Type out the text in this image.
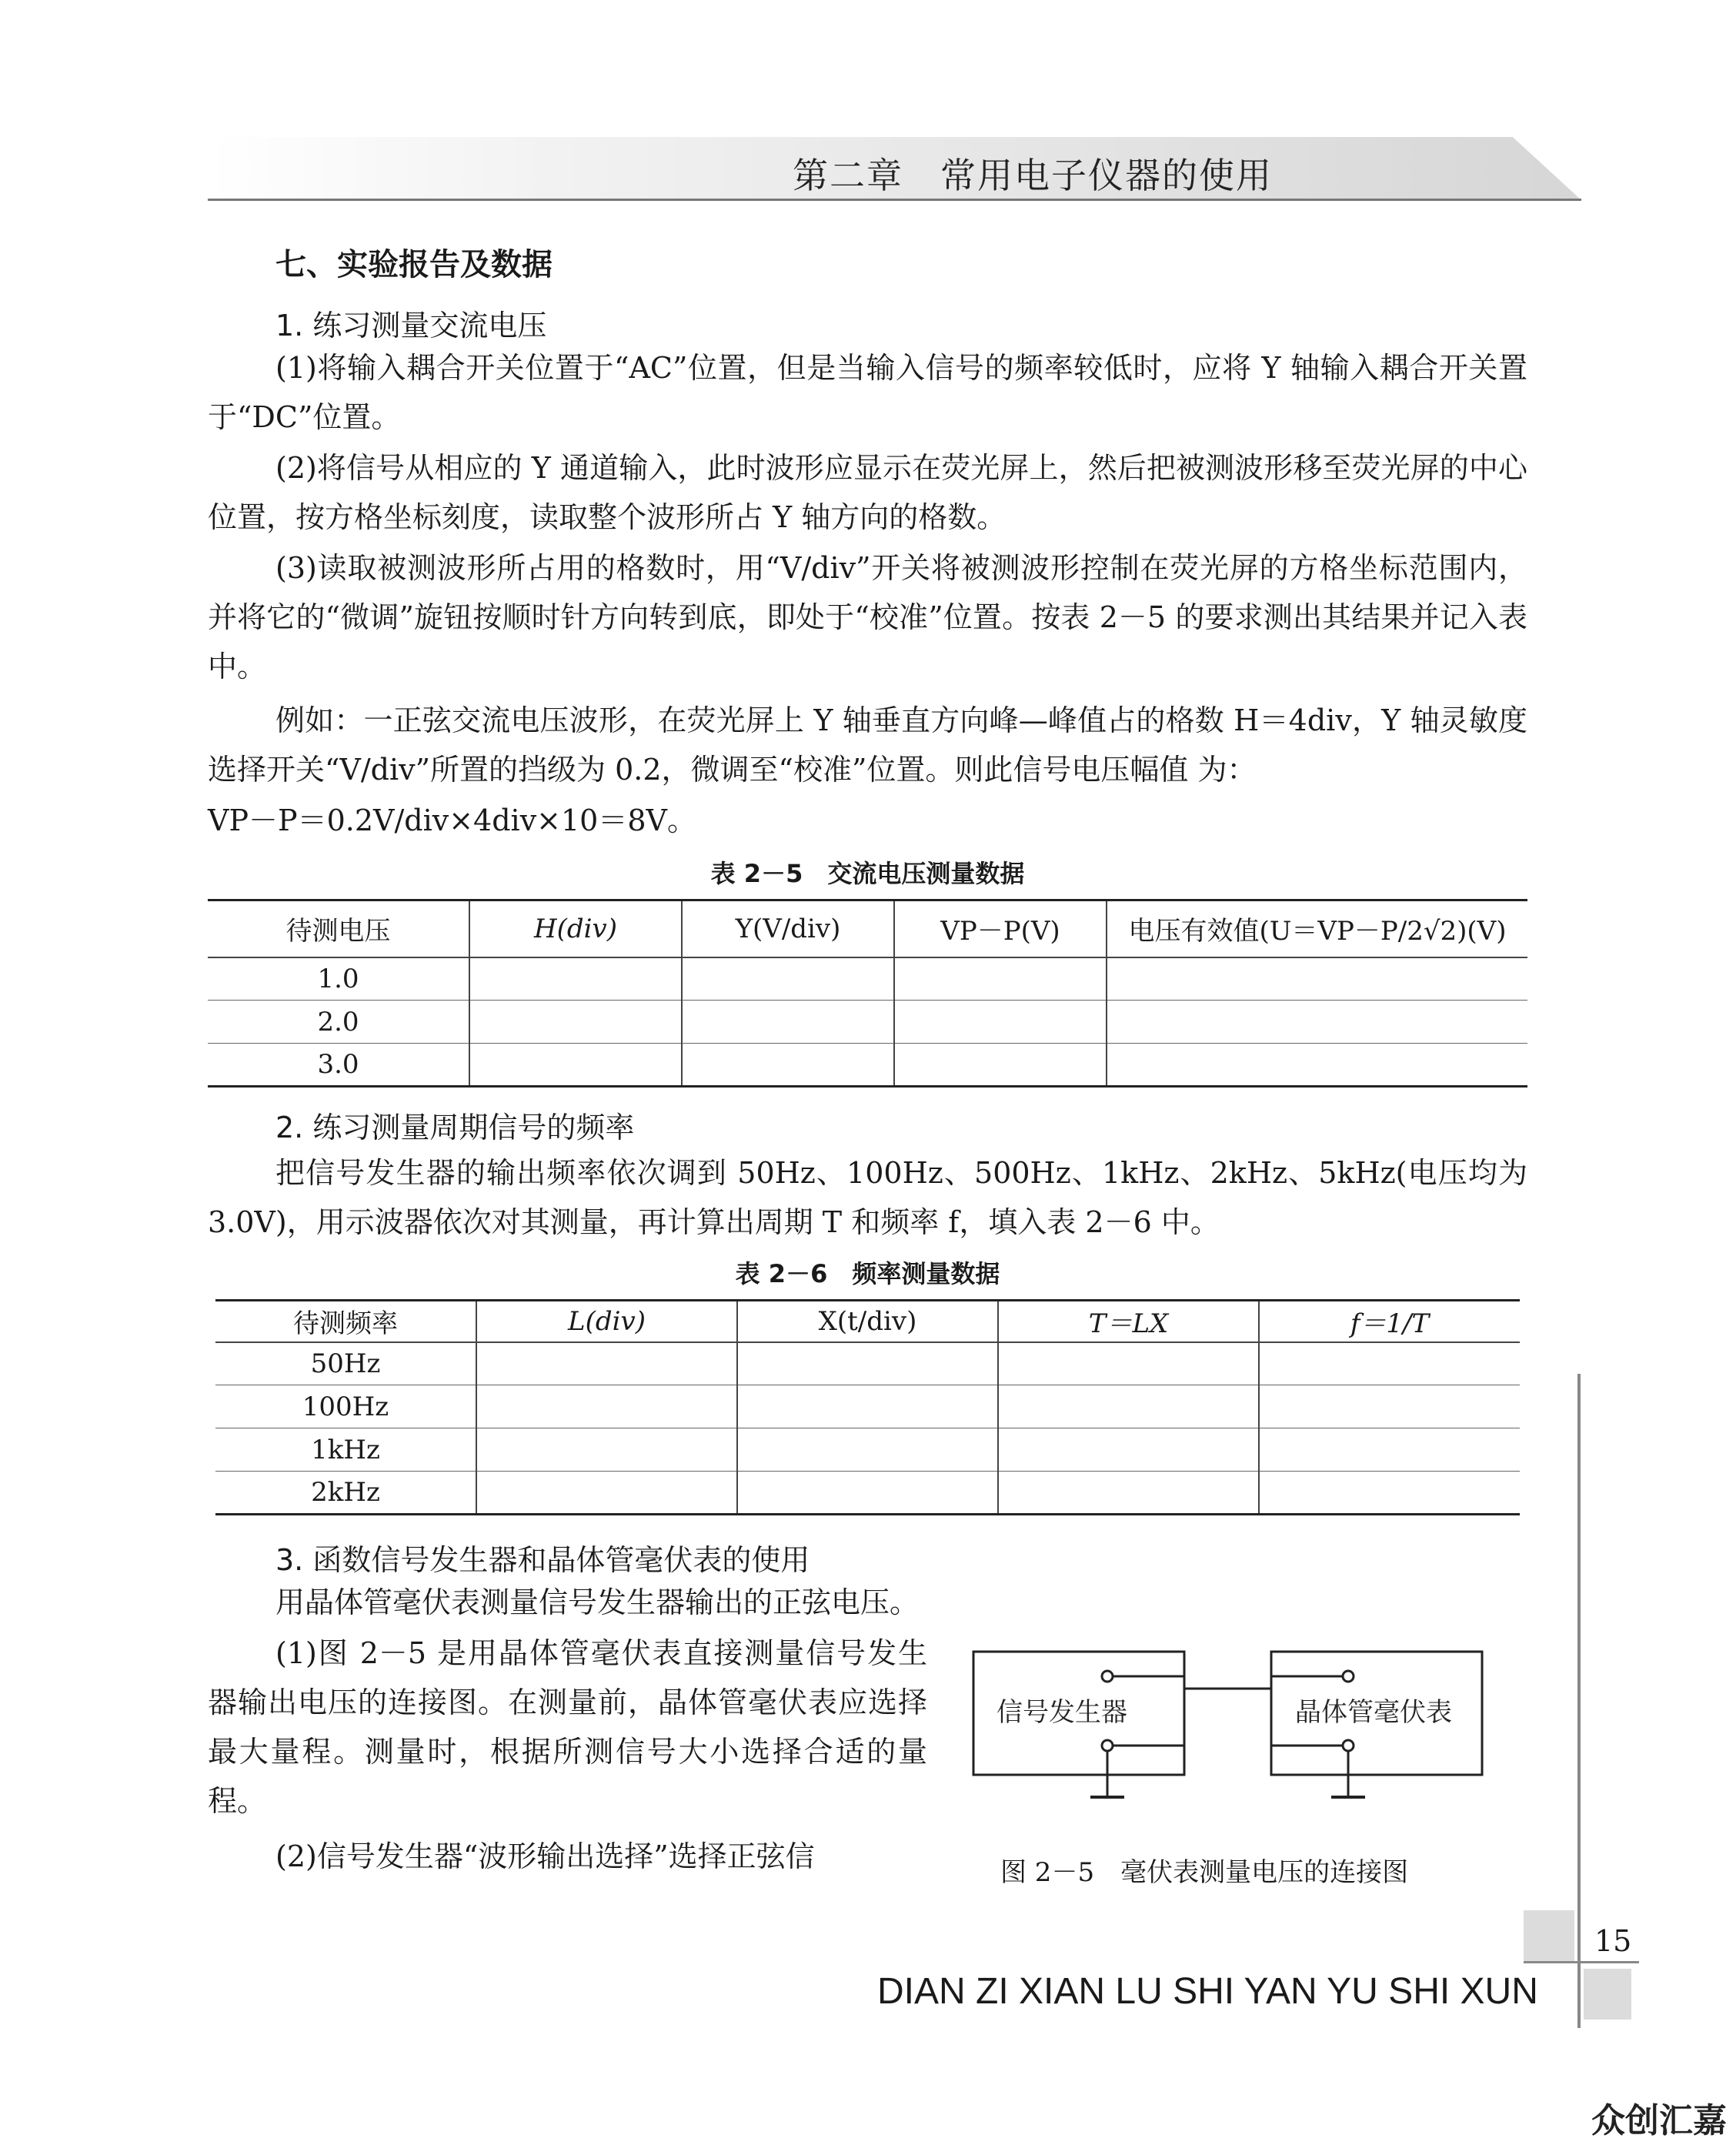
第二章　常用电子仪器的使用
七、实验报告及数据
1. 练习测量交流电压
(1)将输入耦合开关位置于“AC”位置，但是当输入信号的频率较低时，应将 Y 轴输入耦合开关置于“DC”位置。
(2)将信号从相应的 Y 通道输入，此时波形应显示在荧光屏上，然后把被测波形移至荧光屏的中心位置，按方格坐标刻度，读取整个波形所占 Y 轴方向的格数。
(3)读取被测波形所占用的格数时，用“V/div”开关将被测波形控制在荧光屏的方格坐标范围内，并将它的“微调”旋钮按顺时针方向转到底，即处于“校准”位置。按表 2－5 的要求测出其结果并记入表中。
例如：一正弦交流电压波形，在荧光屏上 Y 轴垂直方向峰—峰值占的格数 H＝4div，Y 轴灵敏度选择开关“V/div”所置的挡级为 0.2，微调至“校准”位置。则此信号电压幅值 为：
VP－P＝0.2V/div×4div×10＝8V。
表 2－5　交流电压测量数据
待测电压	H(div)	Y(V/div)	VP－P(V)	电压有效值(U＝VP－P/2√2)(V)
1.0				
2.0				
3.0				
2. 练习测量周期信号的频率
把信号发生器的输出频率依次调到 50Hz、100Hz、500Hz、1kHz、2kHz、5kHz(电压均为 3.0V)，用示波器依次对其测量，再计算出周期 T 和频率 f，填入表 2－6 中。
表 2－6　频率测量数据
待测频率	L(div)	X(t/div)	T＝LX	f＝1/T
50Hz				
100Hz				
1kHz				
2kHz				
3. 函数信号发生器和晶体管毫伏表的使用
用晶体管毫伏表测量信号发生器输出的正弦电压。
(1)图 2－5 是用晶体管毫伏表直接测量信号发生器输出电压的连接图。在测量前，晶体管毫伏表应选择最大量程。测量时，根据所测信号大小选择合适的量程。
(2)信号发生器“波形输出选择”选择正弦信
信号发生器	晶体管毫伏表
图 2－5　毫伏表测量电压的连接图
15
DIAN ZI XIAN LU SHI YAN YU SHI XUN
众创汇嘉
